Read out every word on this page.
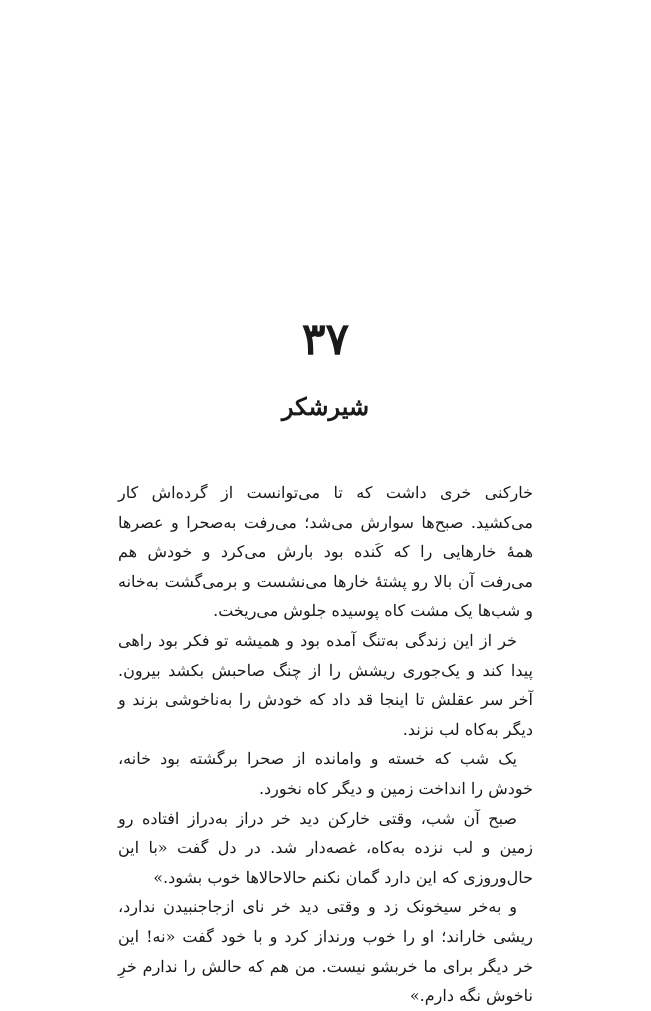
۳۷
شیرشکر

خارکنی خری داشت که تا می‌توانست از گرده‌اش کار می‌کشید. صبح‌ها سوارش می‌شد؛ می‌رفت به‌صحرا و عصرها همهٔ خارهایی را که کَنده بود بارش می‌کرد و خودش هم می‌رفت آن بالا رو پشتهٔ خارها می‌نشست و برمی‌گشت به‌خانه و شب‌ها یک مشت کاه پوسیده جلوش می‌ریخت.

خر از این زندگی به‌تنگ آمده بود و همیشه تو فکر بود راهی پیدا کند و یک‌جوری ریشش را از چنگ صاحبش بکشد بیرون. آخر سر عقلش تا اینجا قد داد که خودش را به‌ناخوشی بزند و دیگر به‌کاه لب نزند.

یک شب که خسته و وامانده از صحرا برگشته بود خانه، خودش را انداخت زمین و دیگر کاه نخورد.

صبح آن شب، وقتی خارکن دید خر دراز به‌دراز افتاده رو زمین و لب نزده به‌کاه، غصه‌دار شد. در دل گفت «با این حال‌وروزی که این دارد گمان نکنم حالاحالاها خوب بشود.»

و به‌خر سیخونک زد و وقتی دید خر نای ازجاجنبیدن ندارد، ریشی خاراند؛ او را خوب ورنداز کرد و با خود گفت «نه! این خر دیگر برای ما خربشو نیست. من هم که حالش را ندارم خرِ ناخوش نگه دارم.»
